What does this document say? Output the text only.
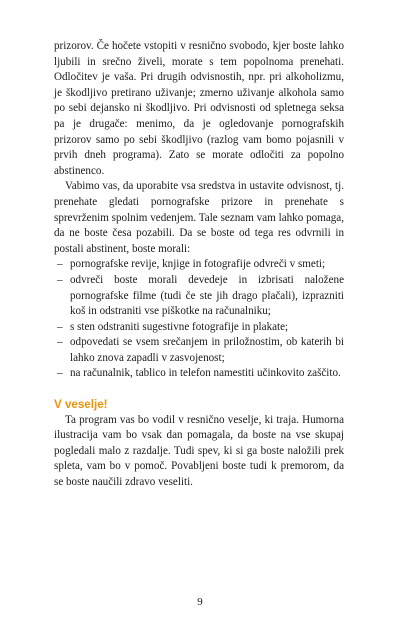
prizorov. Če hočete vstopiti v resnično svobodo, kjer boste lahko ljubili in srečno živeli, morate s tem popolnoma prenehati. Odločitev je vaša. Pri drugih odvisnostih, npr. pri alkoholizmu, je škodljivo pretirano uživanje; zmerno uživanje alkohola samo po sebi dejansko ni škodljivo. Pri odvisnosti od spletnega seksa pa je drugače: menimo, da je ogledovanje pornografskih prizorov samo po sebi škodljivo (razlog vam bomo pojasnili v prvih dneh programa). Zato se morate odločiti za popolno abstinenco.

Vabimo vas, da uporabite vsa sredstva in ustavite odvisnost, tj. prenehate gledati pornografske prizore in prenehate s sprevrženim spolnim vedenjem. Tale seznam vam lahko pomaga, da ne boste česa pozabili. Da se boste od tega res odvrnili in postali abstinent, boste morali:

– pornografske revije, knjige in fotografije odvreči v smeti;
– odvreči boste morali devedeje in izbrisati naložene pornografske filme (tudi če ste jih drago plačali), izprazniti koš in odstraniti vse piškotke na računalniku;
– s sten odstraniti sugestivne fotografije in plakate;
– odpovedati se vsem srečanjem in priložnostim, ob katerih bi lahko znova zapadli v zasvojenost;
– na računalnik, tablico in telefon namestiti učinkovito zaščito.
V veselje!

Ta program vas bo vodil v resnično veselje, ki traja. Humorna ilustracija vam bo vsak dan pomagala, da boste na vse skupaj pogledali malo z razdalje. Tudi spev, ki si ga boste naložili prek spleta, vam bo v pomoč. Povabljeni boste tudi k premorom, da se boste naučili zdravo veseliti.

9
